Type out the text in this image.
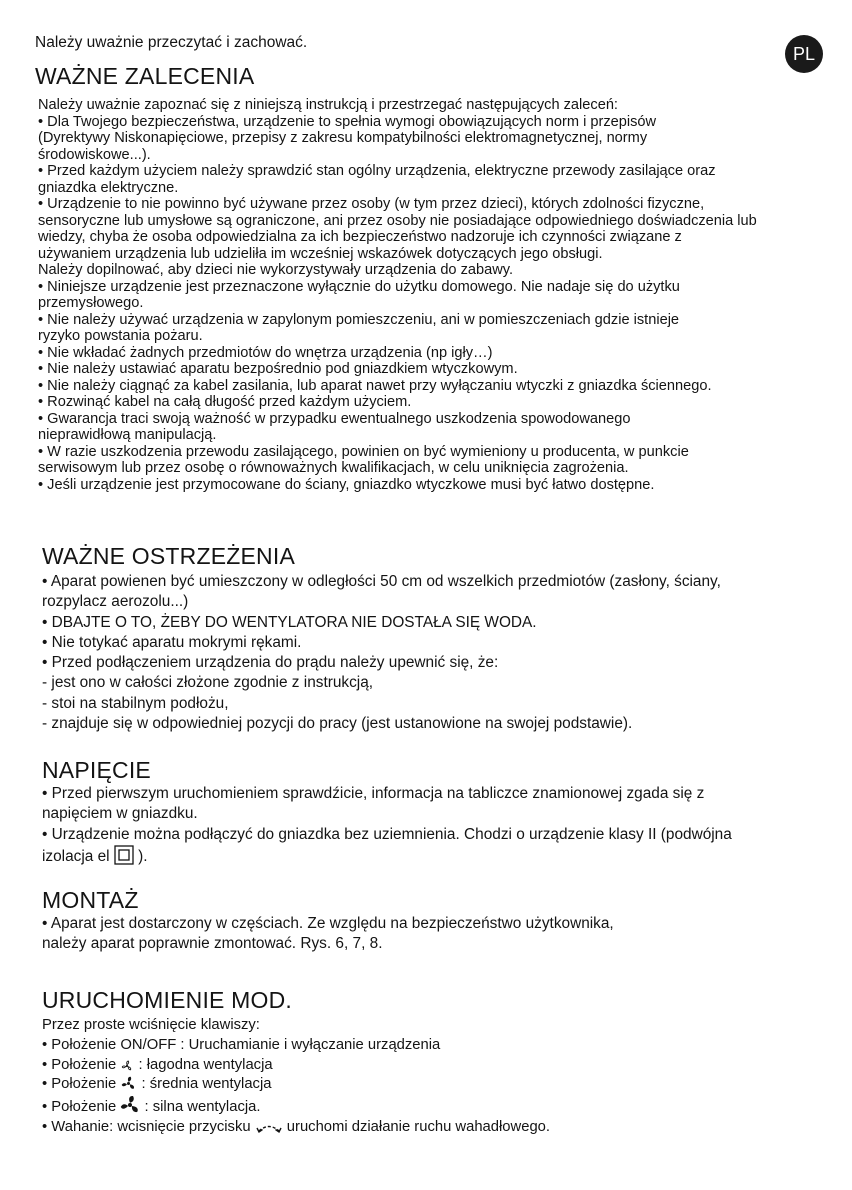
Należy uważnie przeczytać i zachować.
PL
WAŻNE ZALECENIA
Należy uważnie zapoznać się z niniejszą instrukcją i przestrzegać następujących zaleceń:
• Dla Twojego bezpieczeństwa, urządzenie to spełnia wymogi obowiązujących norm i przepisów
(Dyrektywy Niskonapięciowe, przepisy z zakresu kompatybilności elektromagnetycznej, normy
środowiskowe...).
• Przed każdym użyciem należy sprawdzić stan ogólny urządzenia, elektryczne przewody zasilające oraz
gniazdka elektryczne.
• Urządzenie to nie powinno być używane przez osoby (w tym przez dzieci), których zdolności fizyczne,
sensoryczne lub umysłowe są ograniczone, ani przez osoby nie posiadające odpowiedniego doświadczenia lub
wiedzy, chyba że osoba odpowiedzialna za ich bezpieczeństwo nadzoruje ich czynności związane z
używaniem urządzenia lub udzieliła im wcześniej wskazówek dotyczących jego obsługi.
Należy dopilnować, aby dzieci nie wykorzystywały urządzenia do zabawy.
• Niniejsze urządzenie jest przeznaczone wyłącznie do użytku domowego. Nie nadaje się do użytku
przemysłowego.
• Nie należy używać urządzenia w zapylonym pomieszczeniu, ani w pomieszczeniach gdzie istnieje
ryzyko powstania pożaru.
• Nie wkładać żadnych przedmiotów do wnętrza urządzenia (np igły…)
• Nie należy ustawiać aparatu bezpośrednio pod gniazdkiem wtyczkowym.
• Nie należy ciągnąć za kabel zasilania, lub aparat nawet przy wyłączaniu wtyczki z gniazdka ściennego.
• Rozwinąć kabel na całą długość przed każdym użyciem.
• Gwarancja traci swoją ważność w przypadku ewentualnego uszkodzenia spowodowanego
nieprawidłową manipulacją.
• W razie uszkodzenia przewodu zasilającego, powinien on być wymieniony u producenta, w punkcie
serwisowym lub przez osobę o równoważnych kwalifikacjach, w celu uniknięcia zagrożenia.
• Jeśli urządzenie jest przymocowane do ściany, gniazdko wtyczkowe musi być łatwo dostępne.
WAŻNE OSTRZEŻENIA
• Aparat powienen być umieszczony w odległości 50 cm od wszelkich przedmiotów (zasłony, ściany,
rozpylacz aerozolu...)
• DBAJTE O TO, ŻEBY DO WENTYLATORA NIE DOSTAŁA SIĘ WODA.
• Nie totykać aparatu mokrymi rękami.
• Przed podłączeniem urządzenia do prądu należy upewnić się, że:
- jest ono w całości złożone zgodnie z instrukcją,
- stoi na stabilnym podłożu,
- znajduje się w odpowiedniej pozycji do pracy (jest ustanowione na swojej podstawie).
NAPIĘCIE
• Przed pierwszym uruchomieniem sprawdźicie, informacja na tabliczce znamionowej zgada się z
napięciem w gniazdku.
• Urządzenie można podłączyć do gniazdka bez uziemnienia. Chodzi o urządzenie klasy II (podwójna
izolacja el
).
MONTAŻ
• Aparat jest dostarczony w częściach. Ze względu na bezpieczeństwo użytkownika,
należy aparat poprawnie zmontować. Rys. 6, 7, 8.
URUCHOMIENIE MOD.
Przez proste wciśnięcie klawiszy:
• Położenie ON/OFF : Uruchamianie i wyłączanie urządzenia
• Położenie
: łagodna wentylacja
• Położenie
: średnia wentylacja
• Położenie
: silna wentylacja.
• Wahanie: wcisnięcie przycisku
uruchomi działanie ruchu wahadłowego.
